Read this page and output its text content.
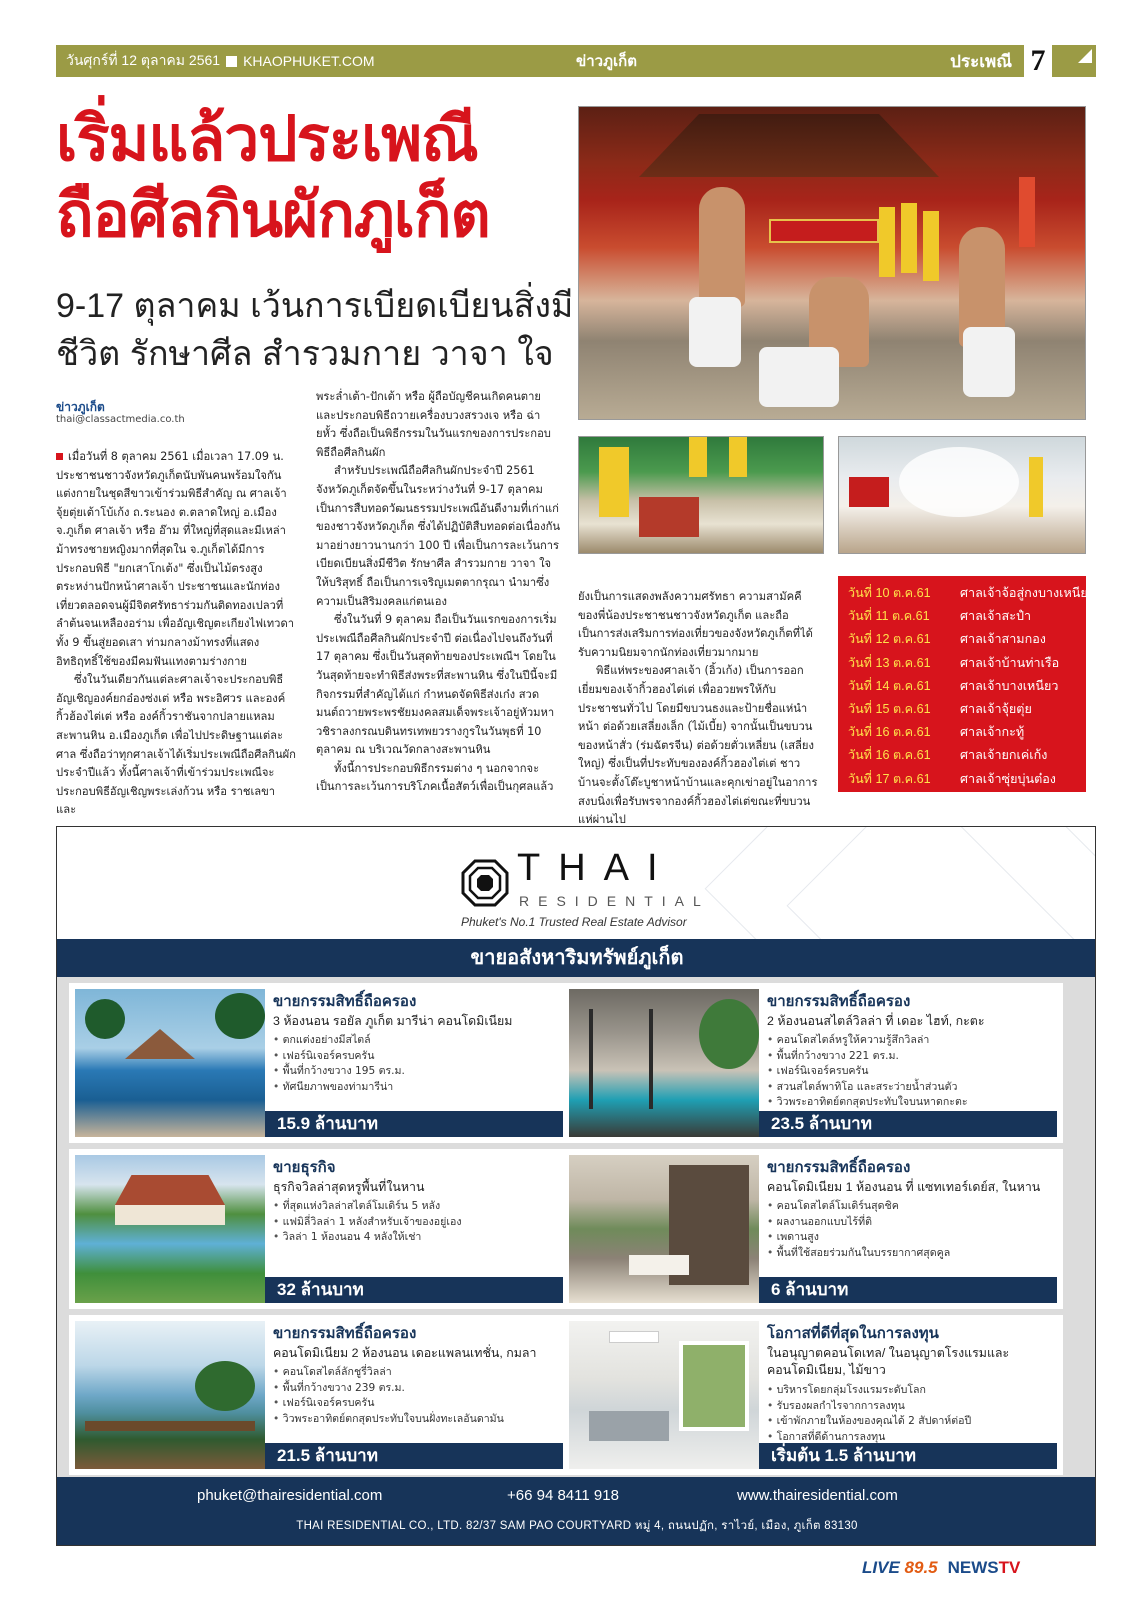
วันศุกร์ที่ 12 ตุลาคม 2561 KHAOPHUKET.COM	ข่าวภูเก็ต	ประเพณี 7
เริ่มแล้วประเพณี
ถือศีลกินผักภูเก็ต
9-17 ตุลาคม เว้นการเบียดเบียนสิ่งมี
ชีวิต รักษาศีล สำรวมกาย วาจา ใจ
ข่าวภูเก็ต
thai@classactmedia.co.th

เมื่อวันที่ 8 ตุลาคม 2561 เมื่อเวลา 17.09 น. ประชาชนชาวจังหวัดภูเก็ตนับพันคนพร้อมใจกันแต่งกายในชุดสีขาวเข้าร่วมพิธีสำคัญ ณ ศาลเจ้าจุ้ยตุ่ยเต้าโบ้เก้ง ถ.ระนอง ต.ตลาดใหญ่ อ.เมือง จ.ภูเก็ต ศาลเจ้า หรือ อ๊าม ที่ใหญ่ที่สุดและมีเหล่าม้าทรงชายหญิงมากที่สุดใน จ.ภูเก็ตได้มีการประกอบพิธี "ยกเสาโกเต้ง" ซึ่งเป็นไม้ตรงสูงตระหง่านปักหน้าศาลเจ้า ประชาชนและนักท่องเที่ยวตลอดจนผู้มีจิตศรัทธาร่วมกันติดทองเปลวที่ลำต้นจนเหลืองอร่าม เพื่ออัญเชิญตะเกียงไฟเทวดาทั้ง 9 ขึ้นสู่ยอดเสา ท่ามกลางม้าทรงที่แสดงอิทธิฤทธิ์ใช้ของมีคมฟันแทงตามร่างกาย

ซึ่งในวันเดียวกันแต่ละศาลเจ้าจะประกอบพิธีอัญเชิญองค์ยกอ๋องซ่งเต่ หรือ พระอิศวร และองค์กิ้วฮ้องไต่เต่ หรือ องค์กิ้วราชันจากปลายแหลมสะพานหิน อ.เมืองภูเก็ต เพื่อไปประดิษฐานแต่ละศาล ซึ่งถือว่าทุกศาลเจ้าได้เริ่มประเพณีถือศีลกินผักประจำปีแล้ว ทั้งนี้ศาลเจ้าที่เข้าร่วมประเพณีจะประกอบพิธีอัญเชิญพระเล่งก้วน หรือ ราชเลขา และ

พระล่ำเต้า-ปักเต้า หรือ ผู้ถือบัญชีคนเกิดคนตาย และประกอบพิธีถวายเครื่องบวงสรวงเจ หรือ ฉ่ายหั้ว ซึ่งถือเป็นพิธีกรรมในวันแรกของการประกอบพิธีถือศีลกินผัก

สำหรับประเพณีถือศีลกินผักประจำปี 2561 จังหวัดภูเก็ตจัดขึ้นในระหว่างวันที่ 9-17 ตุลาคม เป็นการสืบทอดวัฒนธรรมประเพณีอันดีงามที่เก่าแก่ของชาวจังหวัดภูเก็ต ซึ่งได้ปฏิบัติสืบทอดต่อเนื่องกันมาอย่างยาวนานกว่า 100 ปี เพื่อเป็นการละเว้นการเบียดเบียนสิ่งมีชีวิต รักษาศีล สำรวมกาย วาจา ใจ ให้บริสุทธิ์ ถือเป็นการเจริญเมตตากรุณา นำมาซึ่งความเป็นสิริมงคลแก่ตนเอง

ซึ่งในวันที่ 9 ตุลาคม ถือเป็นวันแรกของการเริ่มประเพณีถือศีลกินผักประจำปี ต่อเนื่องไปจนถึงวันที่ 17 ตุลาคม ซึ่งเป็นวันสุดท้ายของประเพณีฯ โดยในวันสุดท้ายจะทำพิธีส่งพระที่สะพานหิน ซึ่งในปีนี้จะมีกิจกรรมที่สำคัญได้แก่ กำหนดจัดพิธีส่งเก๋ง สวดมนต์ถวายพระพรชัยมงคลสมเด็จพระเจ้าอยู่หัวมหาวชิราลงกรณบดินทรเทพยวรางกูรในวันพุธที่ 10 ตุลาคม ณ บริเวณวัดกลางสะพานหิน

ทั้งนี้การประกอบพิธีกรรมต่าง ๆ นอกจากจะเป็นการละเว้นการบริโภคเนื้อสัตว์เพื่อเป็นกุศลแล้ว

ยังเป็นการแสดงพลังความศรัทธา ความสามัคคีของพี่น้องประชาชนชาวจังหวัดภูเก็ต และถือเป็นการส่งเสริมการท่องเที่ยวของจังหวัดภูเก็ตที่ได้รับความนิยมจากนักท่องเที่ยวมากมาย

พิธีแห่พระของศาลเจ้า (อิ้วเก้ง) เป็นการออกเยี่ยมของเจ้ากิ้วฮองไต่เต่ เพื่ออวยพรให้กับประชาชนทั่วไป โดยมีขบวนธงและป้ายชื่อแห่นำหน้า ต่อด้วยเสลี่ยงเล็ก (ไม้เบี้ย) จากนั้นเป็นขบวนของหน้าสั่ว (ร่มฉัตรจีน) ต่อด้วยตั่วเหลี่ยน (เสลี่ยงใหญ่) ซึ่งเป็นที่ประทับขององค์กิ้วฮองไต่เต่ ชาวบ้านจะตั้งโต๊ะบูชาหน้าบ้านและคุกเข่าอยู่ในอาการสงบนิ่งเพื่อรับพรจากองค์กิ้วฮองไต่เต่ขณะที่ขบวนแห่ผ่านไป

วันที่ 10 ต.ค.61 ศาลเจ้าจ้อสู่กงบางเหนียว
วันที่ 11 ต.ค.61 ศาลเจ้าสะปำ
วันที่ 12 ต.ค.61 ศาลเจ้าสามกอง
วันที่ 13 ต.ค.61 ศาลเจ้าบ้านท่าเรือ
วันที่ 14 ต.ค.61 ศาลเจ้าบางเหนียว
วันที่ 15 ต.ค.61 ศาลเจ้าจุ้ยตุ่ย
วันที่ 16 ต.ค.61 ศาลเจ้ากะทู้
วันที่ 16 ต.ค.61 ศาลเจ้ายกเค่เก้ง
วันที่ 17 ต.ค.61 ศาลเจ้าซุ่ยบุ่นต๋อง
THAI
RESIDENTIAL
Phuket's No.1 Trusted Real Estate Advisor
ขายอสังหาริมทรัพย์ภูเก็ต
ขายกรรมสิทธิ์ถือครอง
3 ห้องนอน รอยัล ภูเก็ต มารีน่า คอนโดมิเนียม
• ตกแต่งอย่างมีสไตล์
• เฟอร์นิเจอร์ครบครัน
• พื้นที่กว้างขวาง 195 ตร.ม.
• ทัศนียภาพของท่ามารีน่า
15.9 ล้านบาท
ขายกรรมสิทธิ์ถือครอง
2 ห้องนอนสไตล์วิลล่า ที่ เดอะ ไฮท์, กะตะ
• คอนโดสไตล์หรูให้ความรู้สึกวิลล่า
• พื้นที่กว้างขวาง 221 ตร.ม.
• เฟอร์นิเจอร์ครบครัน
• สวนสไตล์พาทิโอ และสระว่ายน้ำส่วนตัว
• วิวพระอาทิตย์ตกสุดประทับใจบนหาดกะตะ
23.5 ล้านบาท
ขายธุรกิจ
ธุรกิจวิลล่าสุดหรูพื้นที่ในหาน
• ที่สุดแห่งวิลล่าสไตล์โมเดิร์น 5 หลัง
• แฟมิลี่วิลล่า 1 หลังสำหรับเจ้าของอยู่เอง
• วิลล่า 1 ห้องนอน 4 หลังให้เช่า
32 ล้านบาท
ขายกรรมสิทธิ์ถือครอง
คอนโดมิเนียม 1 ห้องนอน ที่ แซทเทอร์เดย์ส, ในหาน
• คอนโดสไตล์โมเดิร์นสุดชิค
• ผลงานออกแบบไร้ที่ติ
• เพดานสูง
• พื้นที่ใช้สอยร่วมกันในบรรยากาศสุดคูล
6 ล้านบาท
ขายกรรมสิทธิ์ถือครอง
คอนโดมิเนียม 2 ห้องนอน เดอะแพลนเทชั่น, กมลา
• คอนโดสไตล์ลักชูรี่วิลล่า
• พื้นที่กว้างขวาง 239 ตร.ม.
• เฟอร์นิเจอร์ครบครัน
• วิวพระอาทิตย์ตกสุดประทับใจบนฝั่งทะเลอันดามัน
21.5 ล้านบาท
โอกาสที่ดีที่สุดในการลงทุน
ในอนุญาตคอนโดเทล/ ในอนุญาตโรงแรมและคอนโดมิเนียม, ไม้ขาว
• บริหารโดยกลุ่มโรงแรมระดับโลก
• รับรองผลกำไรจากการลงทุน
• เข้าพักภายในห้องของคุณได้ 2 สัปดาห์ต่อปี
• โอกาสที่ดีด้านการลงทุน
เริ่มต้น 1.5 ล้านบาท
phuket@thairesidential.com	+66 94 8411 918	www.thairesidential.com
THAI RESIDENTIAL CO., LTD. 82/37 SAM PAO COURTYARD หมู่ 4, ถนนปฏัก, ราไวย์, เมือง, ภูเก็ต 83130
LIVE 89.5 NEWSTV
